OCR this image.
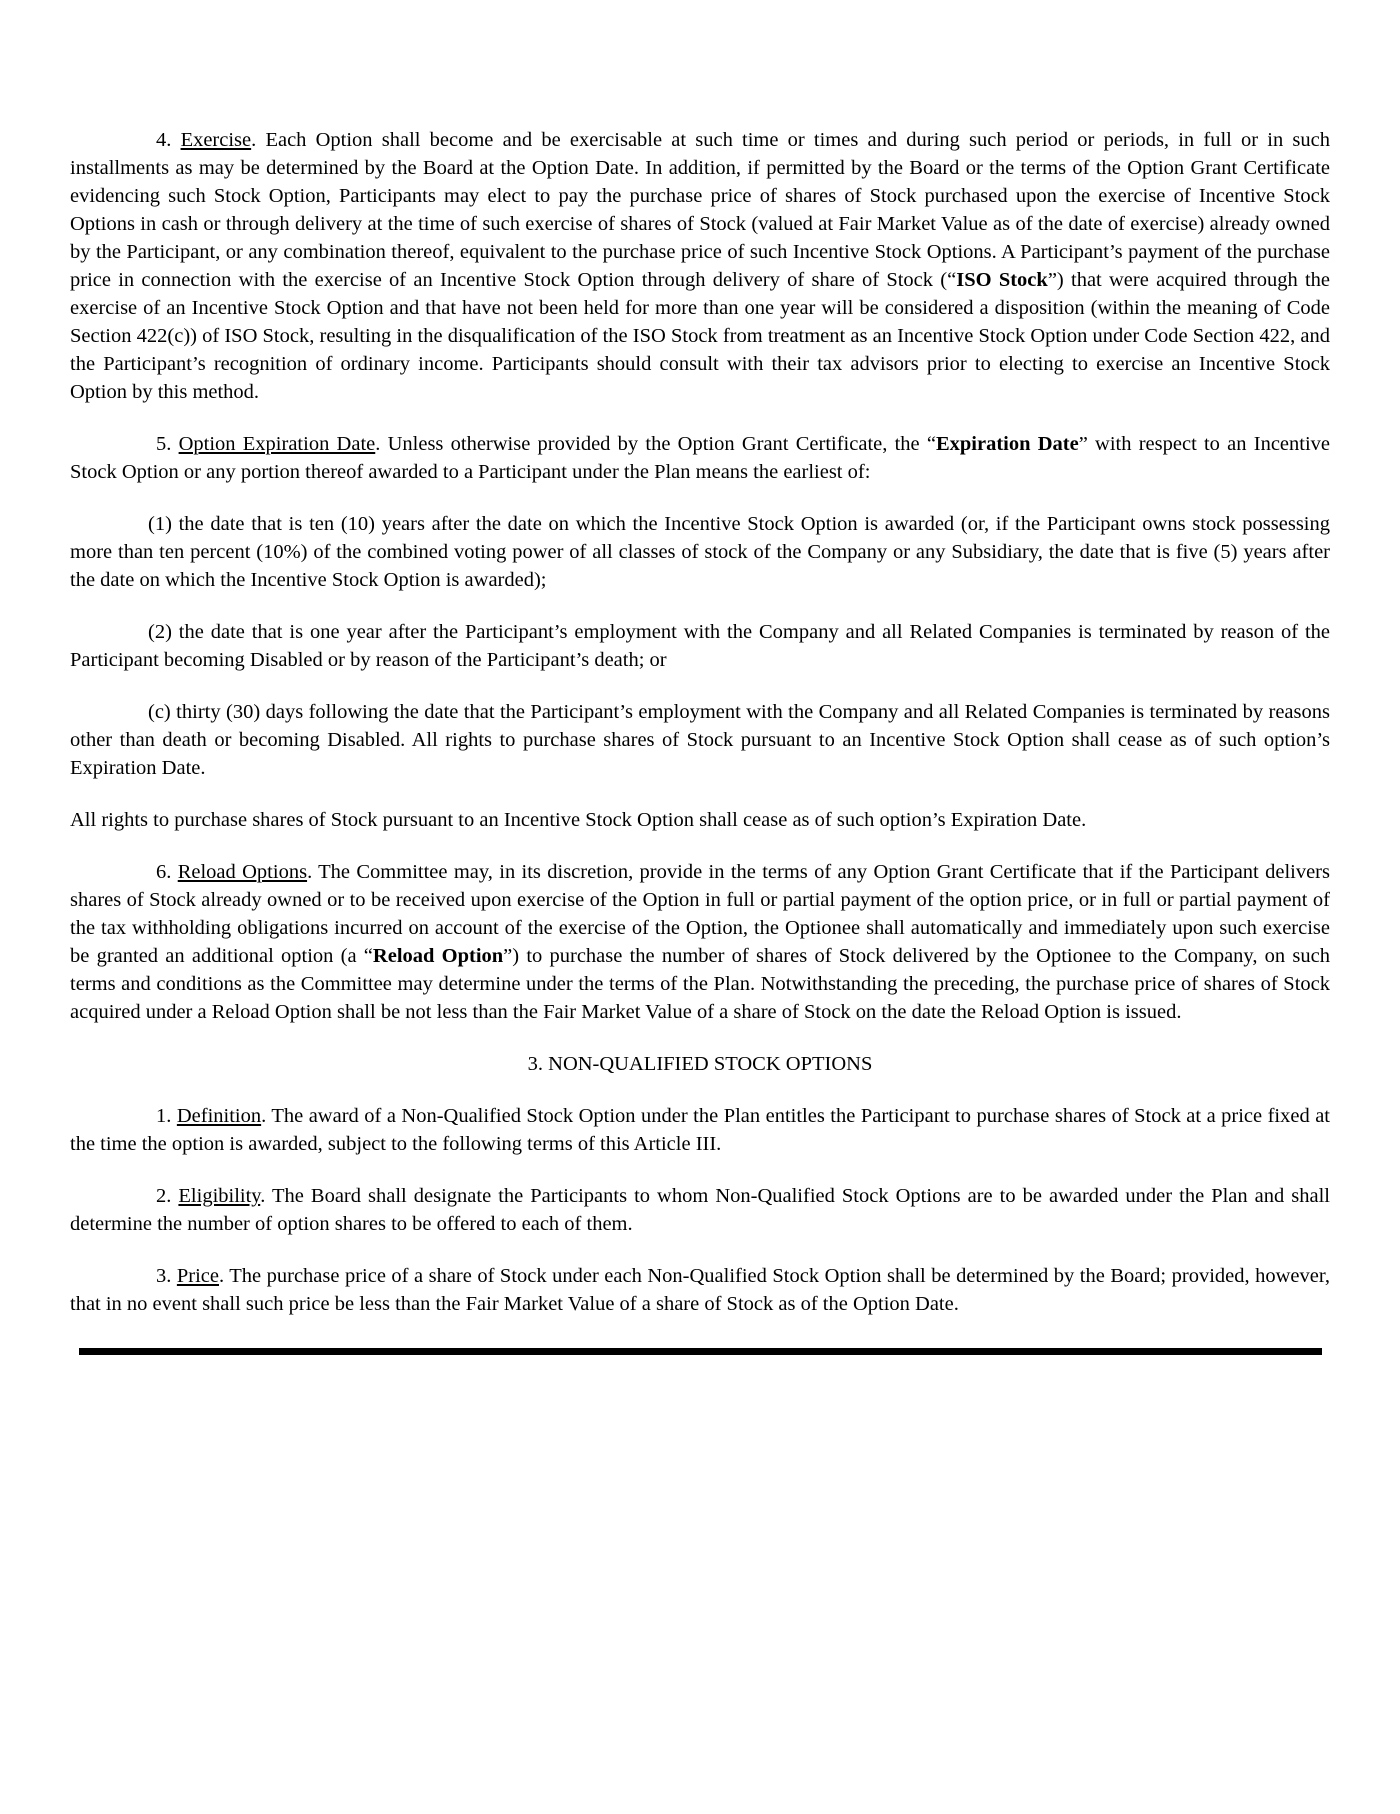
4. Exercise. Each Option shall become and be exercisable at such time or times and during such period or periods, in full or in such installments as may be determined by the Board at the Option Date. In addition, if permitted by the Board or the terms of the Option Grant Certificate evidencing such Stock Option, Participants may elect to pay the purchase price of shares of Stock purchased upon the exercise of Incentive Stock Options in cash or through delivery at the time of such exercise of shares of Stock (valued at Fair Market Value as of the date of exercise) already owned by the Participant, or any combination thereof, equivalent to the purchase price of such Incentive Stock Options. A Participant’s payment of the purchase price in connection with the exercise of an Incentive Stock Option through delivery of share of Stock (“ISO Stock”) that were acquired through the exercise of an Incentive Stock Option and that have not been held for more than one year will be considered a disposition (within the meaning of Code Section 422(c)) of ISO Stock, resulting in the disqualification of the ISO Stock from treatment as an Incentive Stock Option under Code Section 422, and the Participant’s recognition of ordinary income. Participants should consult with their tax advisors prior to electing to exercise an Incentive Stock Option by this method.

5. Option Expiration Date. Unless otherwise provided by the Option Grant Certificate, the “Expiration Date” with respect to an Incentive Stock Option or any portion thereof awarded to a Participant under the Plan means the earliest of:

(1) the date that is ten (10) years after the date on which the Incentive Stock Option is awarded (or, if the Participant owns stock possessing more than ten percent (10%) of the combined voting power of all classes of stock of the Company or any Subsidiary, the date that is five (5) years after the date on which the Incentive Stock Option is awarded);

(2) the date that is one year after the Participant’s employment with the Company and all Related Companies is terminated by reason of the Participant becoming Disabled or by reason of the Participant’s death; or

(c) thirty (30) days following the date that the Participant’s employment with the Company and all Related Companies is terminated by reasons other than death or becoming Disabled. All rights to purchase shares of Stock pursuant to an Incentive Stock Option shall cease as of such option’s Expiration Date.

All rights to purchase shares of Stock pursuant to an Incentive Stock Option shall cease as of such option’s Expiration Date.

6. Reload Options. The Committee may, in its discretion, provide in the terms of any Option Grant Certificate that if the Participant delivers shares of Stock already owned or to be received upon exercise of the Option in full or partial payment of the option price, or in full or partial payment of the tax withholding obligations incurred on account of the exercise of the Option, the Optionee shall automatically and immediately upon such exercise be granted an additional option (a “Reload Option”) to purchase the number of shares of Stock delivered by the Optionee to the Company, on such terms and conditions as the Committee may determine under the terms of the Plan. Notwithstanding the preceding, the purchase price of shares of Stock acquired under a Reload Option shall be not less than the Fair Market Value of a share of Stock on the date the Reload Option is issued.

3. NON-QUALIFIED STOCK OPTIONS

1. Definition. The award of a Non-Qualified Stock Option under the Plan entitles the Participant to purchase shares of Stock at a price fixed at the time the option is awarded, subject to the following terms of this Article III.

2. Eligibility. The Board shall designate the Participants to whom Non-Qualified Stock Options are to be awarded under the Plan and shall determine the number of option shares to be offered to each of them.

3. Price. The purchase price of a share of Stock under each Non-Qualified Stock Option shall be determined by the Board; provided, however, that in no event shall such price be less than the Fair Market Value of a share of Stock as of the Option Date.
